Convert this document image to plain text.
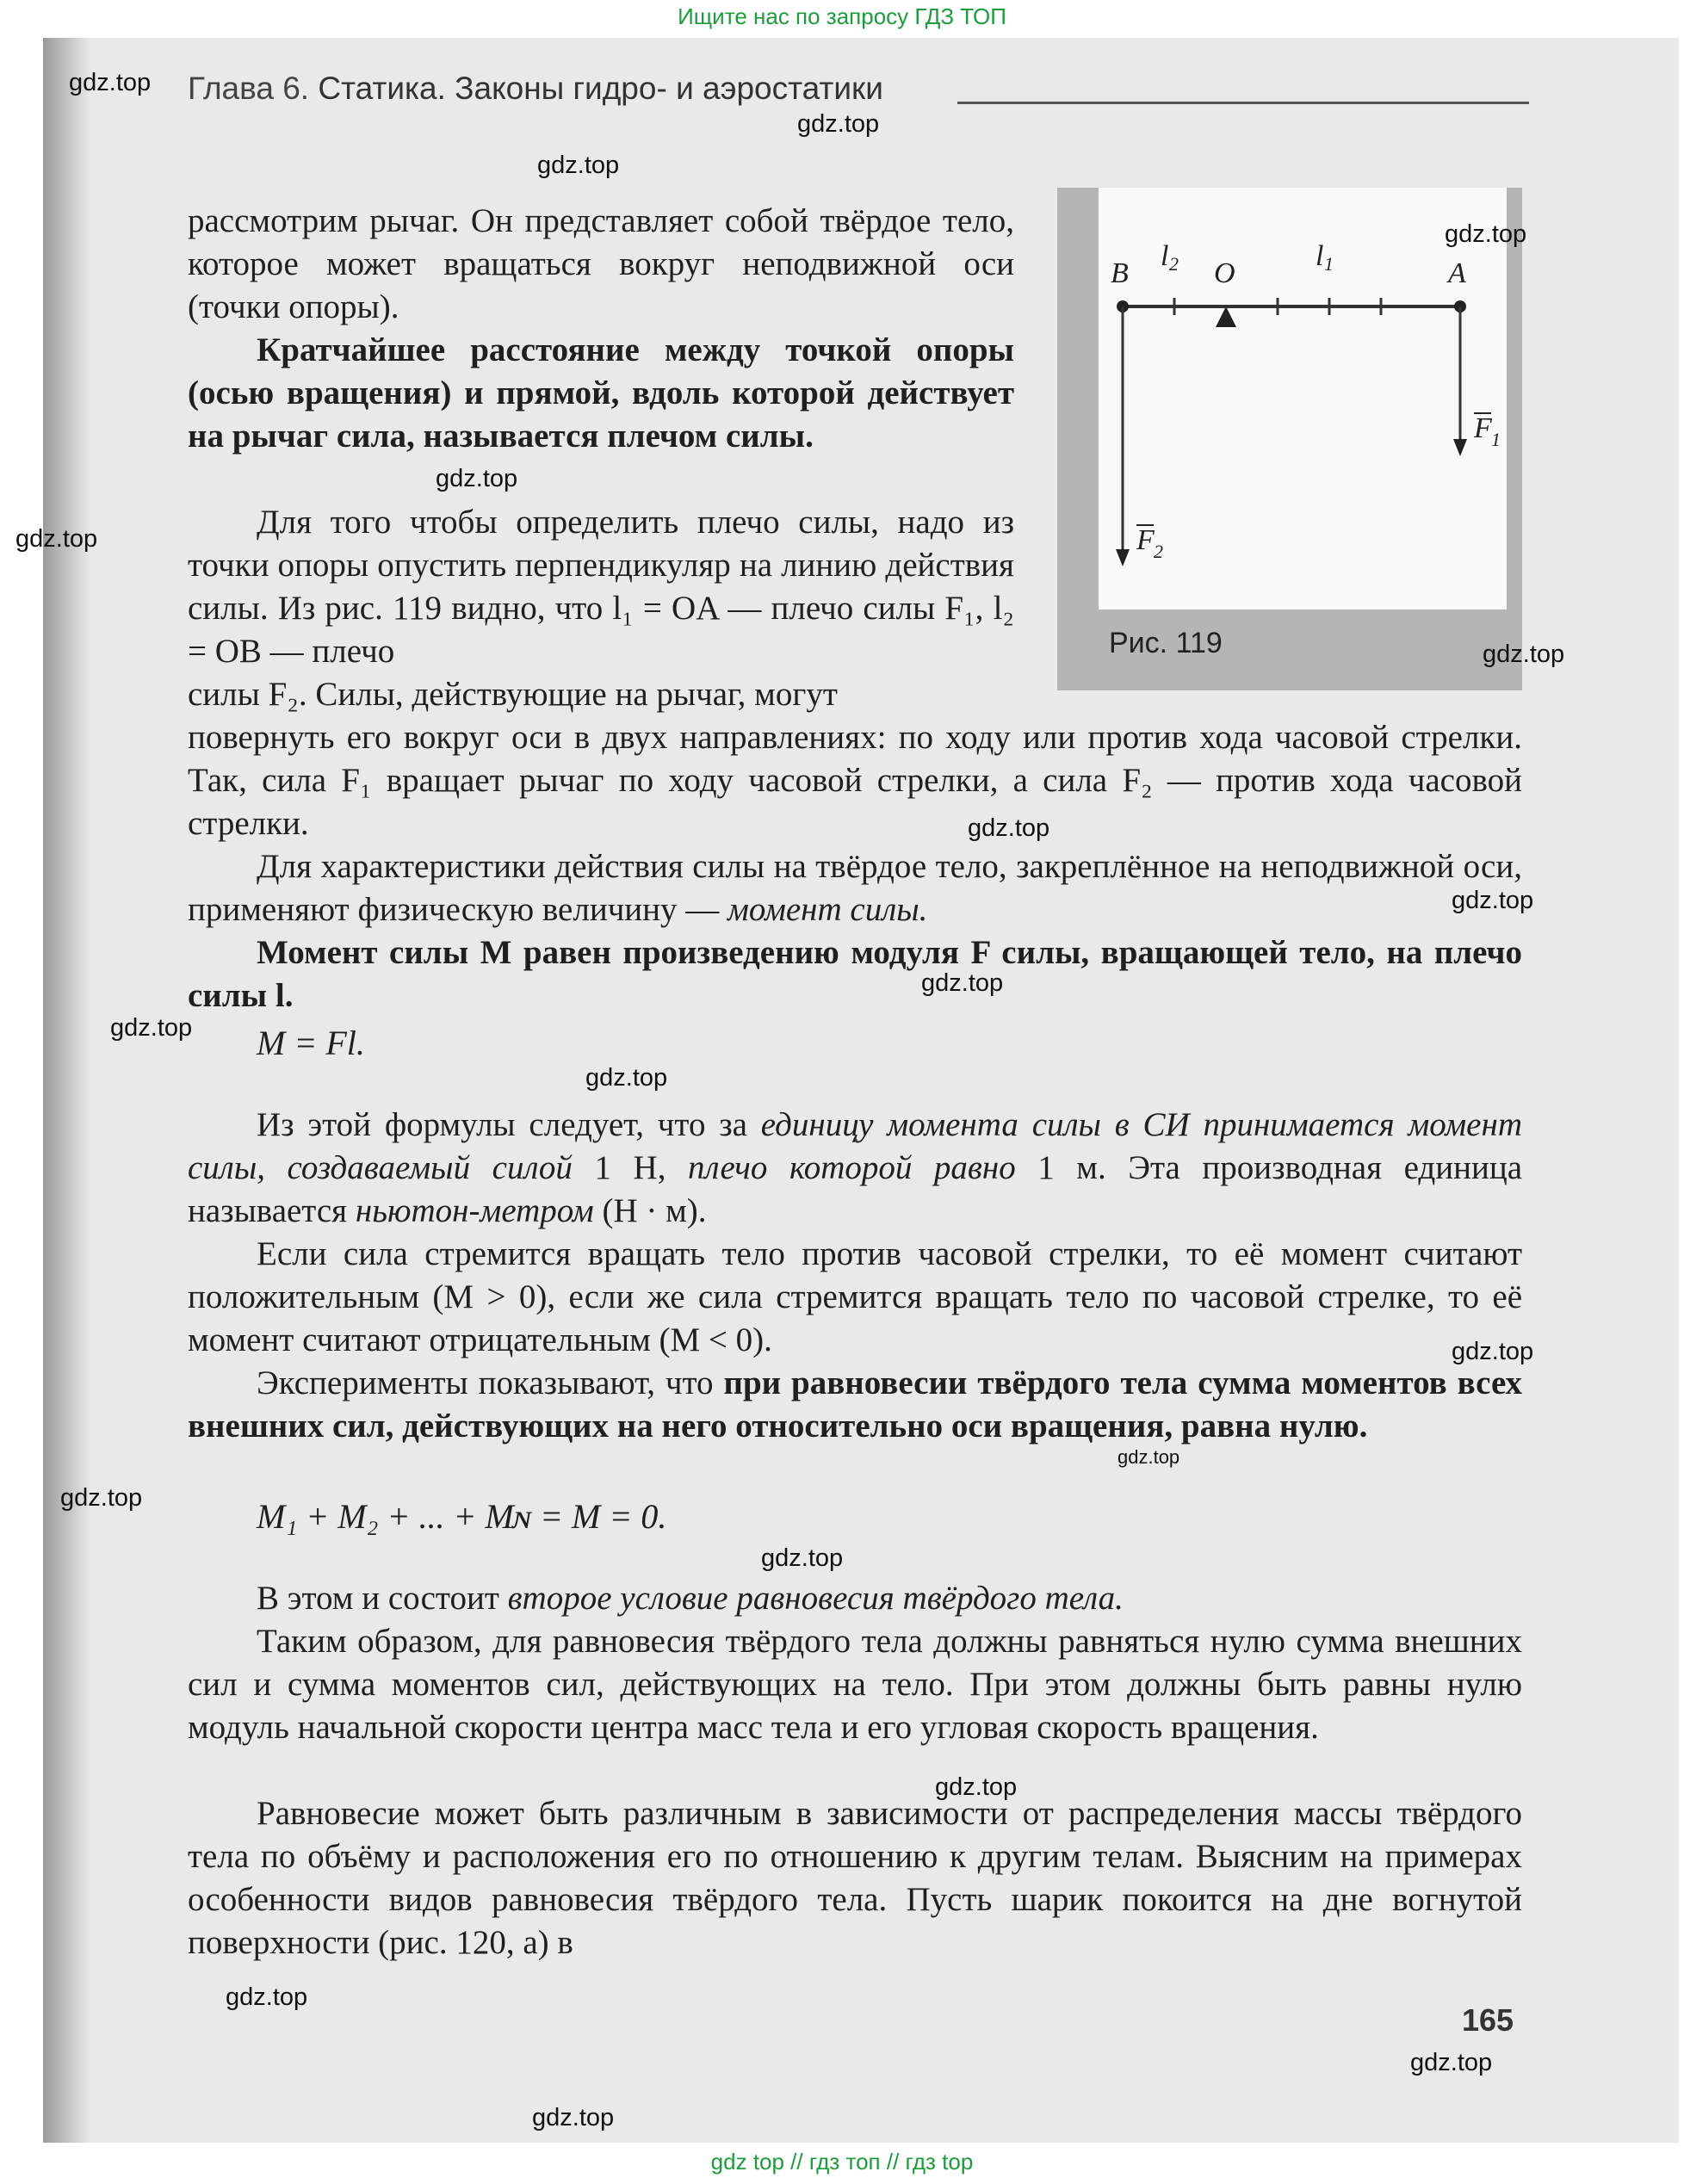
Ищите нас по запросу ГДЗ ТОП
Глава 6. Статика. Законы гидро- и аэростатики
B	O	A
l 2	l 1
F 1
F 2
Рис. 119

рассмотрим рычаг. Он представляет собой твёрдое тело, которое может вращаться вокруг неподвижной оси (точки опоры).

Кратчайшее расстояние между точкой опоры (осью вращения) и прямой, вдоль которой действует на рычаг сила, называется плечом силы.

Для того чтобы определить плечо силы, надо из точки опоры опустить перпендикуляр на линию действия силы. Из рис. 119 видно, что l₁ = OA — плечо силы F₁, l₂ = OB — плечо

силы F₂. Силы, действующие на рычаг, могут

повернуть его вокруг оси в двух направлениях: по ходу или против хода часовой стрелки. Так, сила F₁ вращает рычаг по ходу часовой стрелки, а сила F₂ — против хода часовой стрелки.

Для характеристики действия силы на твёрдое тело, закреплённое на неподвижной оси, применяют физическую величину — момент силы.

Момент силы M равен произведению модуля F силы, вращающей тело, на плечо силы l.

M = Fl.

Из этой формулы следует, что за единицу момента силы в СИ принимается момент силы, создаваемый силой 1 Н, плечо которой равно 1 м. Эта производная единица называется ньютон-метром (Н · м).

Если сила стремится вращать тело против часовой стрелки, то её момент считают положительным (M > 0), если же сила стремится вращать тело по часовой стрелке, то её момент считают отрицательным (M < 0).

Эксперименты показывают, что при равновесии твёрдого тела сумма моментов всех внешних сил, действующих на него относительно оси вращения, равна нулю.

M₁ + M₂ + ... + Mɴ = M = 0.

В этом и состоит второе условие равновесия твёрдого тела.

Таким образом, для равновесия твёрдого тела должны равняться нулю сумма внешних сил и сумма моментов сил, действующих на тело. При этом должны быть равны нулю модуль начальной скорости центра масс тела и его угловая скорость вращения.

Равновесие может быть различным в зависимости от распределения массы твёрдого тела по объёму и расположения его по отношению к другим телам. Выясним на примерах особенности видов равновесия твёрдого тела. Пусть шарик покоится на дне вогнутой поверхности (рис. 120, a) в

165
gdz.top
gdz.top
gdz.top
gdz.top
gdz.top
gdz.top
gdz.top
gdz.top
gdz.top
gdz.top
gdz.top
gdz.top
gdz.top
gdz.top
gdz.top
gdz.top
gdz.top
gdz.top
gdz.top
gdz.top
gdz top // гдз топ // гдз top
